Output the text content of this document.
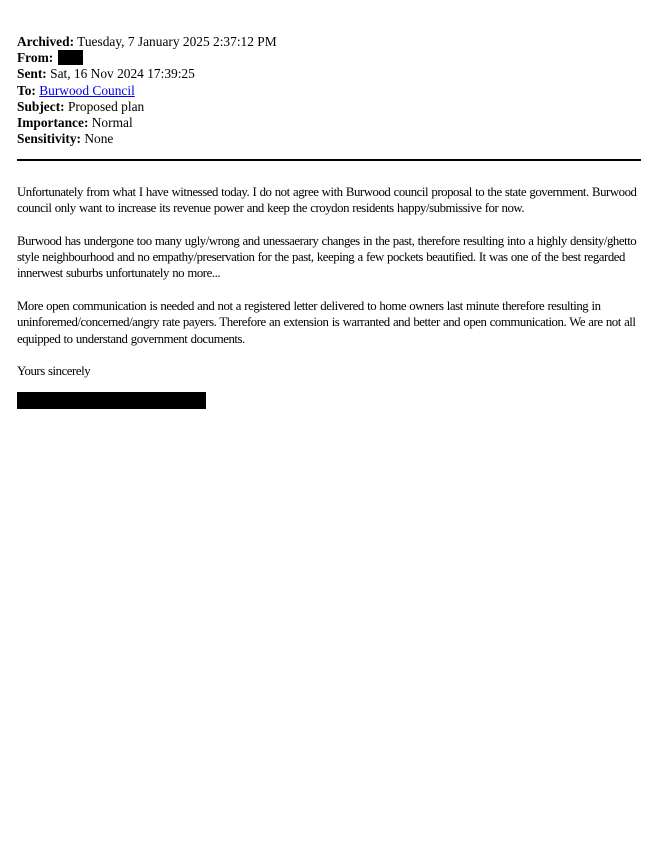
Archived: Tuesday, 7 January 2025 2:37:12 PM
From:
Sent: Sat, 16 Nov 2024 17:39:25
To: Burwood Council
Subject: Proposed plan
Importance: Normal
Sensitivity: None

Unfortunately from what I have witnessed today. I do not agree with Burwood council proposal to the state government. Burwood council only want to increase its revenue power and keep the croydon residents happy/submissive for now.

Burwood has undergone too many ugly/wrong and unessaerary changes in the past, therefore resulting into a highly density/ghetto style neighbourhood and no empathy/preservation for the past, keeping a few pockets beautified. It was one of the best regarded innerwest suburbs unfortunately no more...

More open communication is needed and not a registered letter delivered to home owners last minute therefore resulting in uninforemed/concerned/angry rate payers. Therefore an extension is warranted and better and open communication. We are not all equipped to understand government documents.

Yours sincerely
